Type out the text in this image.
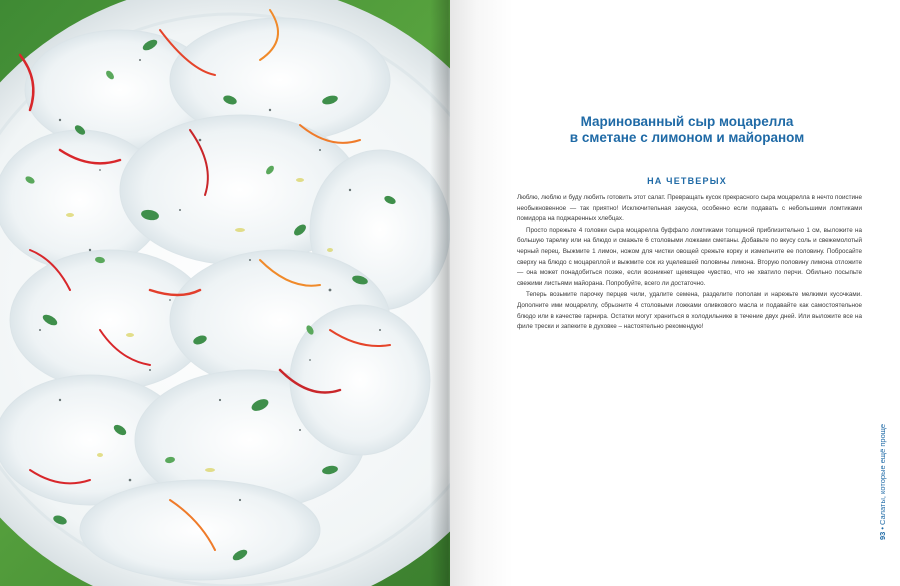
Маринованный сыр моцарелла
в сметане с лимоном и майораном
НА ЧЕТВЕРЫХ

Люблю, люблю и буду любить готовить этот салат. Превращать кусок прекрасного сыра моцарелла в нечто поистине необыкновенное — так приятно! Исключительная закуска, особенно если подавать с небольшими ломтиками помидора на поджаренных хлебцах.

Просто порежьте 4 головки сыра моцарелла буффало ломтиками толщиной приблизительно 1 см, выложите на большую тарелку или на блюдо и смажьте 6 столовыми ложками сметаны. Добавьте по вкусу соль и свежемолотый черный перец. Выжмите 1 лимон, ножом для чистки овощей срежьте корку и измельчите ее половину. Побросайте сверху на блюдо с моцареллой и выжмите сок из уцелевшей половины лимона. Вторую половину лимона отложите — она может понадобиться позже, если возникнет щемящее чувство, что не хватило перчи. Обильно посыпьте свежими листьями майорана. Попробуйте, всего ли достаточно.

Теперь возьмите парочку перцев чили, удалите семена, разделите пополам и нарежьте мелкими кусочками. Дополните ими моцареллу, сбрызните 4 столовыми ложками оливкового масла и подавайте как самостоятельное блюдо или в качестве гарнира. Остатки могут храниться в холодильнике в течение двух дней. Или выложите все на филе трески и запеките в духовке – настоятельно рекомендую!

93•Салаты, которые ещё проще
